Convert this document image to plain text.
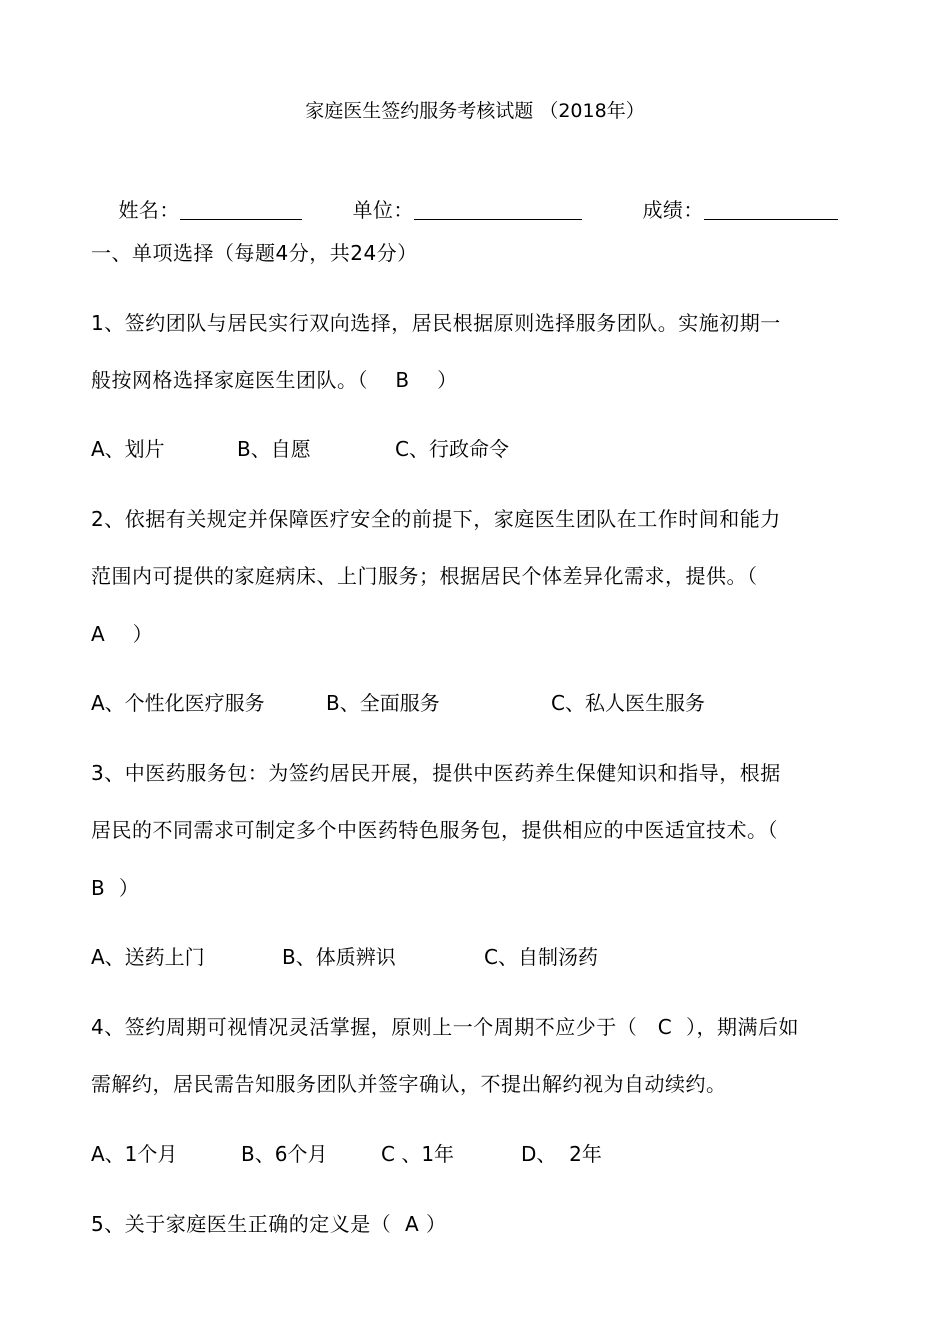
家庭医生签约服务考核试题 （2018年）

姓名：
	单位：
	成绩：

一、单项选择（每题4分，共24分）
1、签约团队与居民实行双向选择，居民根据原则选择服务团队。实施初期一
般按网格选择家庭医生团队。（    B    ）
A、划片	B、自愿	C、行政命令
2、依据有关规定并保障医疗安全的前提下，家庭医生团队在工作时间和能力
范围内可提供的家庭病床、上门服务；根据居民个体差异化需求，提供。（
A    ）
A、个性化医疗服务	B、全面服务	C、私人医生服务
3、中医药服务包：为签约居民开展，提供中医药养生保健知识和指导，根据
居民的不同需求可制定多个中医药特色服务包，提供相应的中医适宜技术。（
B  ）
A、送药上门	B、体质辨识	C、自制汤药
4、签约周期可视情况灵活掌握，原则上一个周期不应少于（   C  ），期满后如
需解约，居民需告知服务团队并签字确认，不提出解约视为自动续约。
A、1个月	B、6个月	C 、1年	D、  2年
5、关于家庭医生正确的定义是（  A ）
